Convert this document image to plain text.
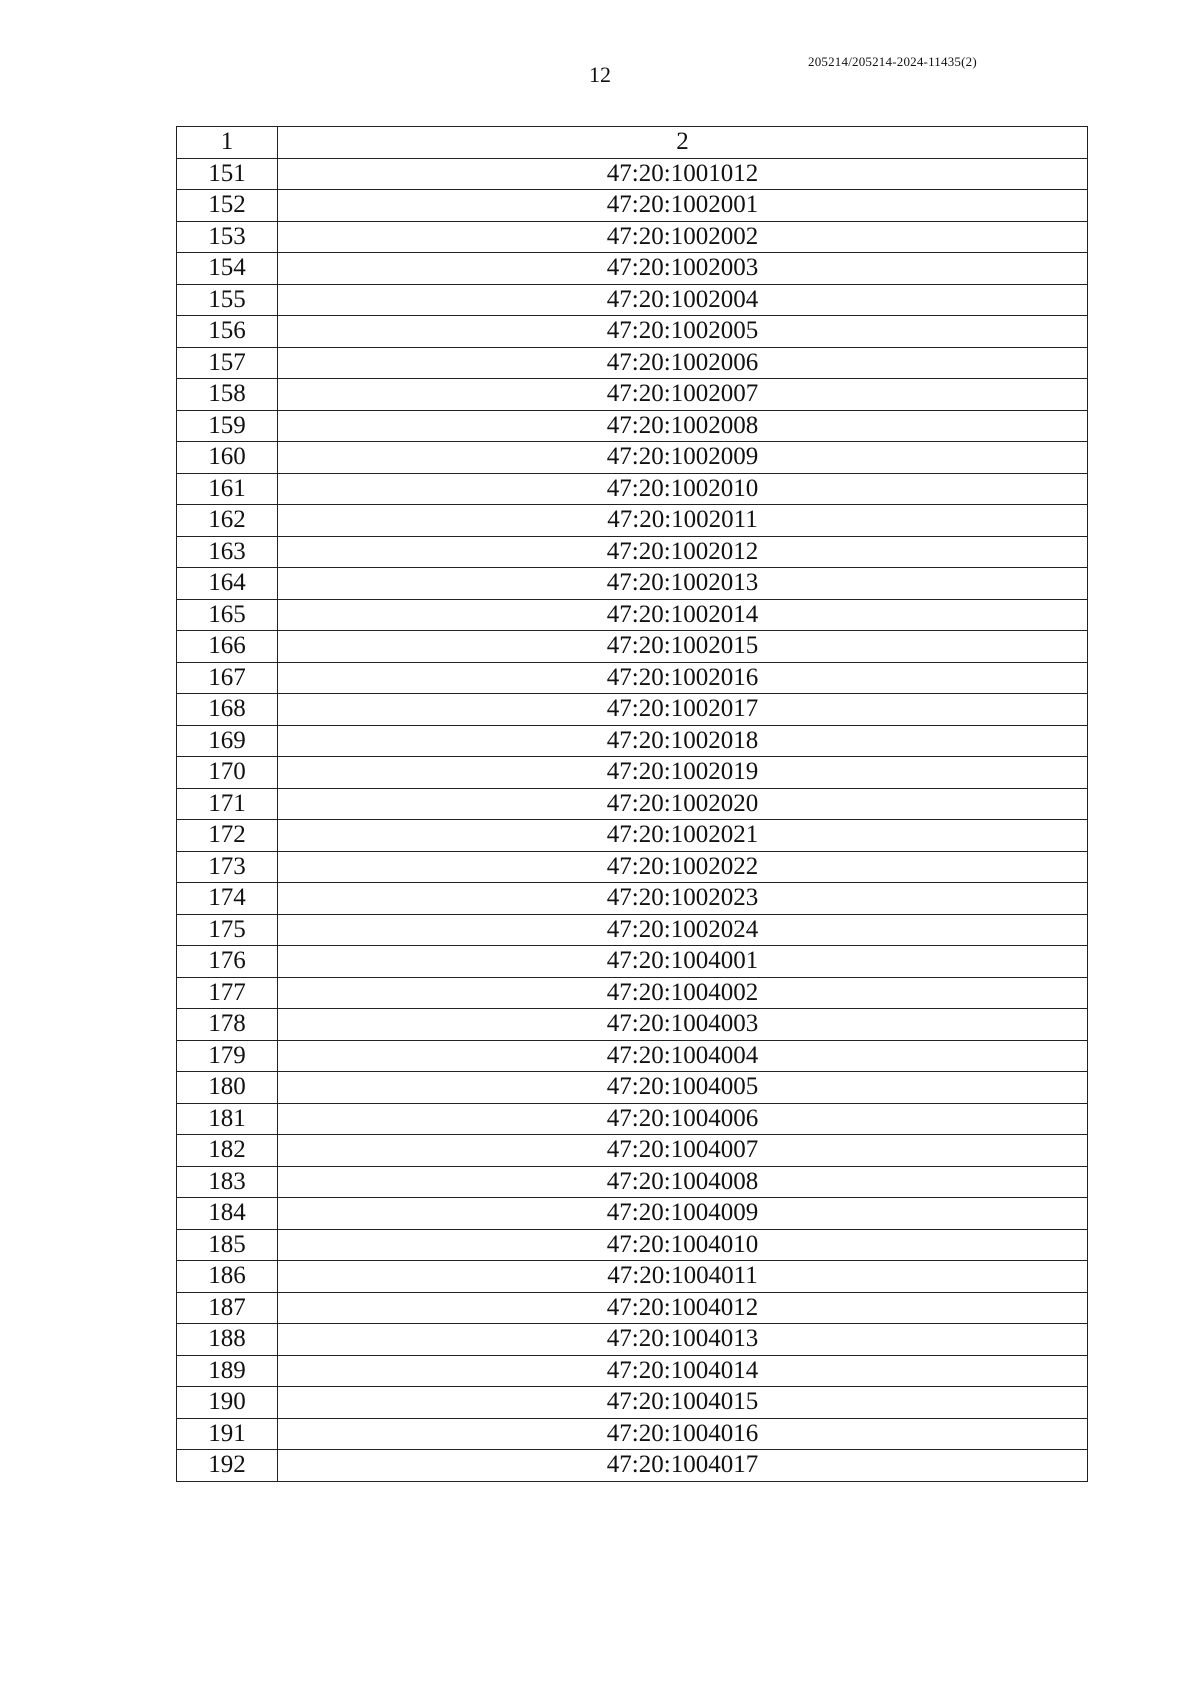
12
205214/205214-2024-11435(2)
1	2
151	47:20:1001012
152	47:20:1002001
153	47:20:1002002
154	47:20:1002003
155	47:20:1002004
156	47:20:1002005
157	47:20:1002006
158	47:20:1002007
159	47:20:1002008
160	47:20:1002009
161	47:20:1002010
162	47:20:1002011
163	47:20:1002012
164	47:20:1002013
165	47:20:1002014
166	47:20:1002015
167	47:20:1002016
168	47:20:1002017
169	47:20:1002018
170	47:20:1002019
171	47:20:1002020
172	47:20:1002021
173	47:20:1002022
174	47:20:1002023
175	47:20:1002024
176	47:20:1004001
177	47:20:1004002
178	47:20:1004003
179	47:20:1004004
180	47:20:1004005
181	47:20:1004006
182	47:20:1004007
183	47:20:1004008
184	47:20:1004009
185	47:20:1004010
186	47:20:1004011
187	47:20:1004012
188	47:20:1004013
189	47:20:1004014
190	47:20:1004015
191	47:20:1004016
192	47:20:1004017
